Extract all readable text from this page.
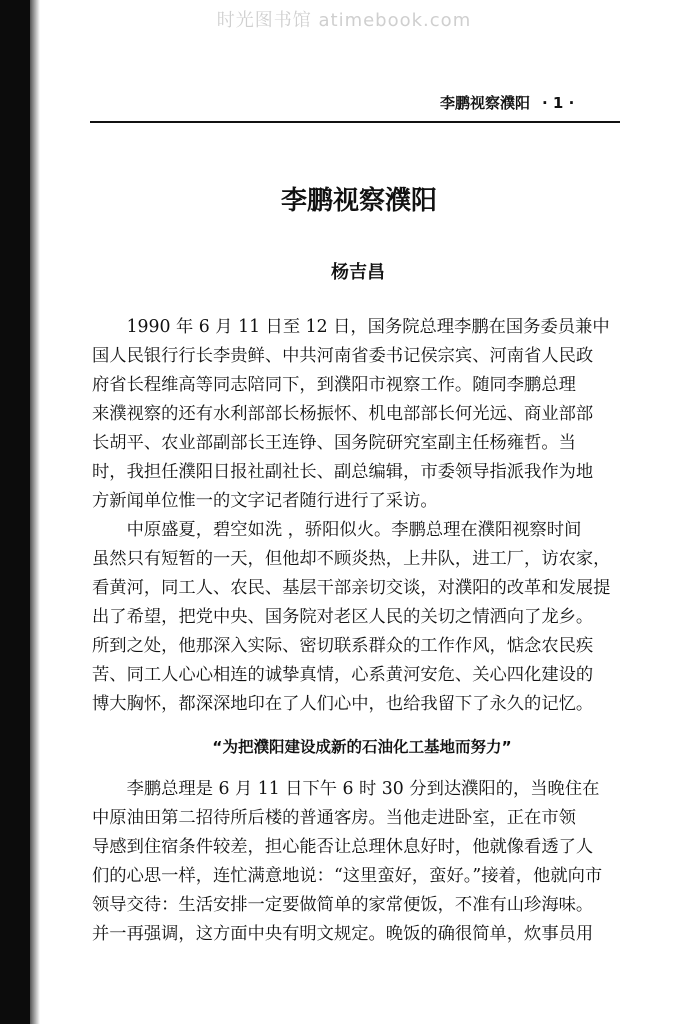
时光图书馆 atimebook.com
李鹏视察濮阳 · 1 ·
李鹏视察濮阳
杨吉昌
　　1990 年 6 月 11 日至 12 日，国务院总理李鹏在国务委员兼中
国人民银行行长李贵鲜、中共河南省委书记侯宗宾、河南省人民政
府省长程维高等同志陪同下，到濮阳市视察工作。随同李鹏总理
来濮视察的还有水利部部长杨振怀、机电部部长何光远、商业部部
长胡平、农业部副部长王连铮、国务院研究室副主任杨雍哲。当
时，我担任濮阳日报社副社长、副总编辑，市委领导指派我作为地
方新闻单位惟一的文字记者随行进行了采访。
　　中原盛夏，碧空如洗 ，骄阳似火。李鹏总理在濮阳视察时间
虽然只有短暂的一天，但他却不顾炎热，上井队，进工厂，访农家，
看黄河，同工人、农民、基层干部亲切交谈，对濮阳的改革和发展提
出了希望，把党中央、国务院对老区人民的关切之情洒向了龙乡。
所到之处，他那深入实际、密切联系群众的工作作风，惦念农民疾
苦、同工人心心相连的诚挚真情，心系黄河安危、关心四化建设的
博大胸怀，都深深地印在了人们心中，也给我留下了永久的记忆。
“为把濮阳建设成新的石油化工基地而努力”
　　李鹏总理是 6 月 11 日下午 6 时 30 分到达濮阳的，当晚住在
中原油田第二招待所后楼的普通客房。当他走进卧室，正在市领
导感到住宿条件较差，担心能否让总理休息好时，他就像看透了人
们的心思一样，连忙满意地说：“这里蛮好，蛮好。”接着，他就向市
领导交待：生活安排一定要做简单的家常便饭，不准有山珍海味。
并一再强调，这方面中央有明文规定。晚饭的确很简单，炊事员用
